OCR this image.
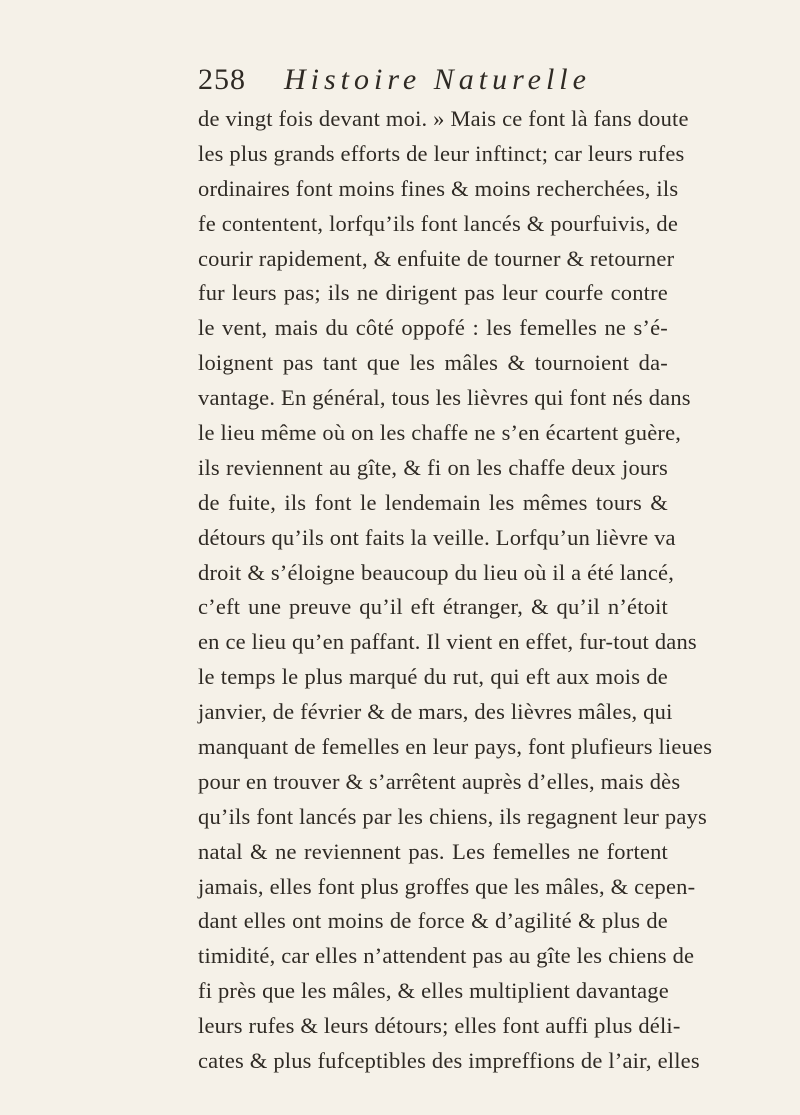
258 Histoire Naturelle
de vingt fois devant moi. » Mais ce font là fans doute
les plus grands efforts de leur inftinct; car leurs rufes
ordinaires font moins fines & moins recherchées, ils
fe contentent, lorfqu’ils font lancés & pourfuivis, de
courir rapidement, & enfuite de tourner & retourner
fur leurs pas; ils ne dirigent pas leur courfe contre
le vent, mais du côté oppofé : les femelles ne s’é-
loignent pas tant que les mâles & tournoient da-
vantage. En général, tous les lièvres qui font nés dans
le lieu même où on les chaffe ne s’en écartent guère,
ils reviennent au gîte, & fi on les chaffe deux jours
de fuite, ils font le lendemain les mêmes tours &
détours qu’ils ont faits la veille. Lorfqu’un lièvre va
droit & s’éloigne beaucoup du lieu où il a été lancé,
c’eft une preuve qu’il eft étranger, & qu’il n’étoit
en ce lieu qu’en paffant. Il vient en effet, fur-tout dans
le temps le plus marqué du rut, qui eft aux mois de
janvier, de février & de mars, des lièvres mâles, qui
manquant de femelles en leur pays, font plufieurs lieues
pour en trouver & s’arrêtent auprès d’elles, mais dès
qu’ils font lancés par les chiens, ils regagnent leur pays
natal & ne reviennent pas. Les femelles ne fortent
jamais, elles font plus groffes que les mâles, & cepen-
dant elles ont moins de force & d’agilité & plus de
timidité, car elles n’attendent pas au gîte les chiens de
fi près que les mâles, & elles multiplient davantage
leurs rufes & leurs détours; elles font auffi plus déli-
cates & plus fufceptibles des impreffions de l’air, elles
